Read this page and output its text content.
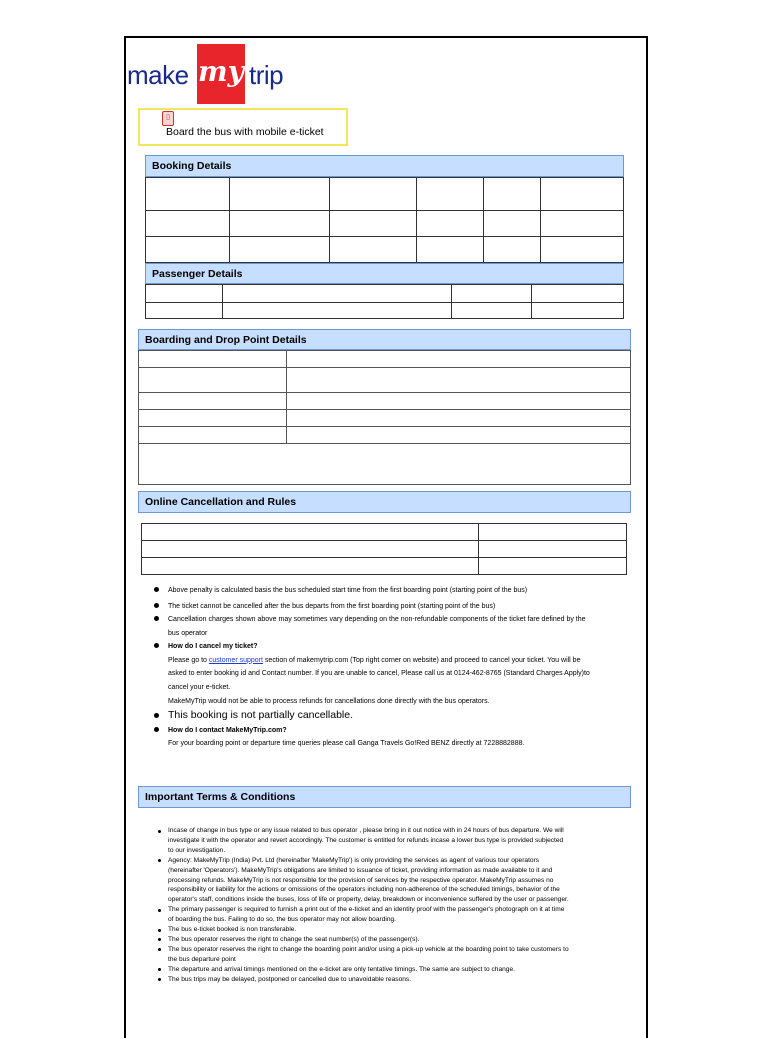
make my trip
▯
Board the bus with mobile e-ticket
Booking Details

Passenger Details

Boarding and Drop Point Details

Online Cancellation and Rules

Above penalty is calculated basis the bus scheduled start time from the first boarding point (starting point of the bus)
The ticket cannot be cancelled after the bus departs from the first boarding point (starting point of the bus)
Cancellation charges shown above may sometimes vary depending on the non-refundable components of the ticket fare defined by the
bus operator
How do I cancel my ticket?
Please go to customer support section of makemytrip.com (Top right corner on website) and proceed to cancel your ticket. You will be
asked to enter booking id and Contact number. If you are unable to cancel, Please call us at 0124-462-8765 (Standard Charges Apply)to
cancel your e-ticket.
MakeMyTrip would not be able to process refunds for cancellations done directly with the bus operators.
This booking is not partially cancellable.
How do I contact MakeMyTrip.com?
For your boarding point or departure time queries please call Ganga Travels Go!Red BENZ directly at 7228882888.
Important Terms & Conditions
Incase of change in bus type or any issue related to bus operator , please bring in it out notice with in 24 hours of bus departure. We will
investigate it with the operator and revert accordingly. The customer is entitled for refunds incase a lower bus type is provided subjected
to our investigation.
Agency: MakeMyTrip (India) Pvt. Ltd (hereinafter 'MakeMyTrip') is only providing the services as agent of various tour operators
(hereinafter 'Operators'). MakeMyTrip's obligations are limited to issuance of ticket, providing information as made available to it and
processing refunds. MakeMyTrip is not responsible for the provision of services by the respective operator. MakeMyTrip assumes no
responsibility or liability for the actions or omissions of the operators including non-adherence of the scheduled timings, behavior of the
operator's staff, conditions inside the buses, loss of life or property, delay, breakdown or inconvenience suffered by the user or passenger.
The primary passenger is required to furnish a print out of the e-ticket and an identity proof with the passenger's photograph on it at time
of boarding the bus. Failing to do so, the bus operator may not allow boarding.
The bus e-ticket booked is non transferable.
The bus operator reserves the right to change the seat number(s) of the passenger(s).
The bus operator reserves the right to change the boarding point and/or using a pick-up vehicle at the boarding point to take customers to
the bus departure point
The departure and arrival timings mentioned on the e-ticket are only tentative timings. The same are subject to change.
The bus trips may be delayed, postponed or cancelled due to unavoidable reasons.
